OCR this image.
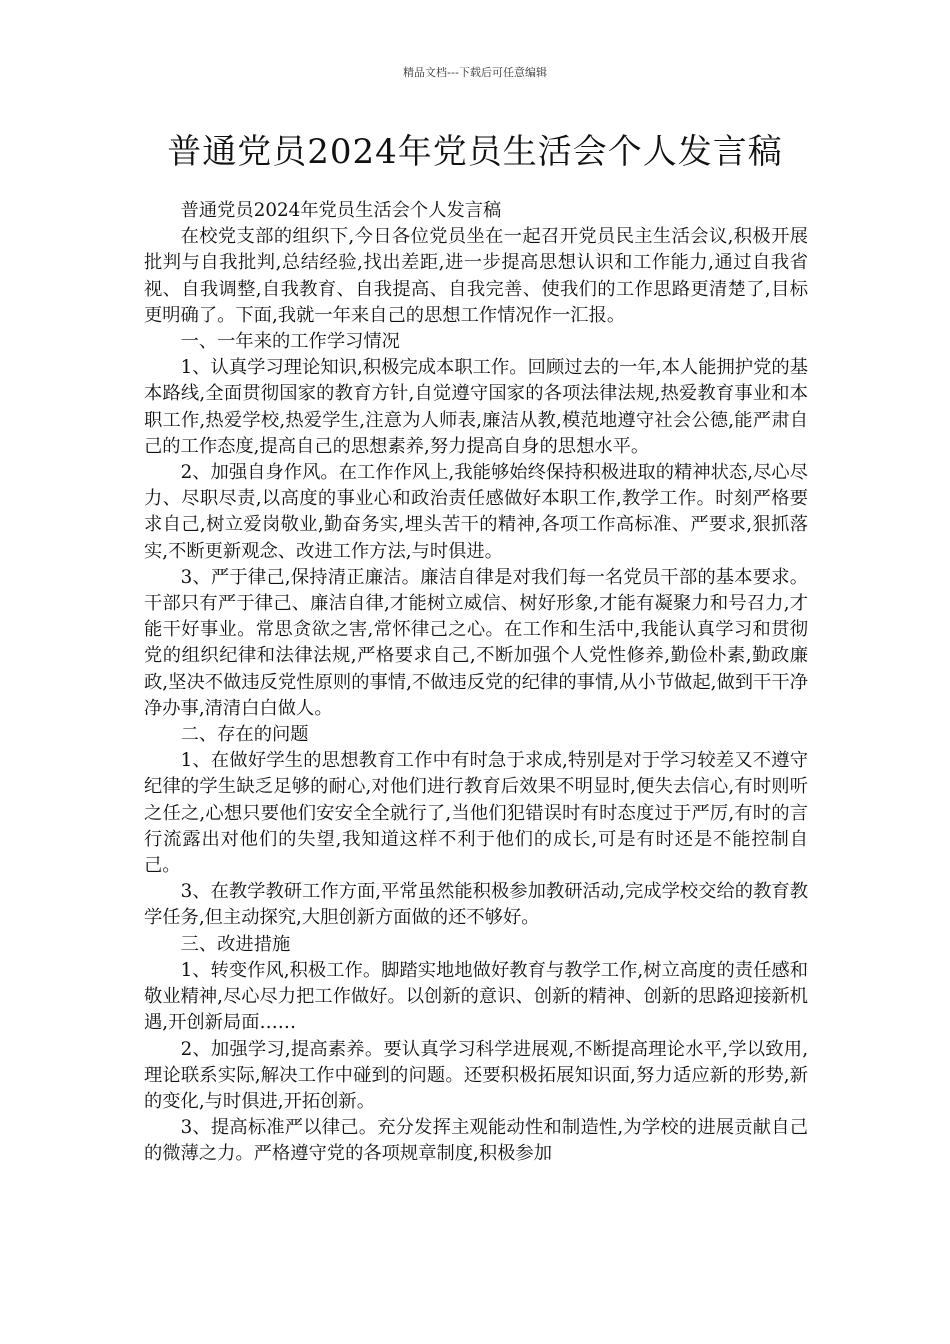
精品文档---下载后可任意编辑
普通党员2024年党员生活会个人发言稿

普通党员2024年党员生活会个人发言稿

在校党支部的组织下,今日各位党员坐在一起召开党员民主生活会议,积极开展批判与自我批判,总结经验,找出差距,进一步提高思想认识和工作能力,通过自我省视、自我调整,自我教育、自我提高、自我完善、使我们的工作思路更清楚了,目标更明确了。下面,我就一年来自己的思想工作情况作一汇报。

一、一年来的工作学习情况

1、认真学习理论知识,积极完成本职工作。回顾过去的一年,本人能拥护党的基本路线,全面贯彻国家的教育方针,自觉遵守国家的各项法律法规,热爱教育事业和本职工作,热爱学校,热爱学生,注意为人师表,廉洁从教,模范地遵守社会公德,能严肃自己的工作态度,提高自己的思想素养,努力提高自身的思想水平。

2、加强自身作风。在工作作风上,我能够始终保持积极进取的精神状态,尽心尽力、尽职尽责,以高度的事业心和政治责任感做好本职工作,教学工作。时刻严格要求自己,树立爱岗敬业,勤奋务实,埋头苦干的精神,各项工作高标准、严要求,狠抓落实,不断更新观念、改进工作方法,与时俱进。

3、严于律己,保持清正廉洁。廉洁自律是对我们每一名党员干部的基本要求。干部只有严于律己、廉洁自律,才能树立威信、树好形象,才能有凝聚力和号召力,才能干好事业。常思贪欲之害,常怀律己之心。在工作和生活中,我能认真学习和贯彻党的组织纪律和法律法规,严格要求自己,不断加强个人党性修养,勤俭朴素,勤政廉政,坚决不做违反党性原则的事情,不做违反党的纪律的事情,从小节做起,做到干干净净办事,清清白白做人。

二、存在的问题

1、在做好学生的思想教育工作中有时急于求成,特别是对于学习较差又不遵守纪律的学生缺乏足够的耐心,对他们进行教育后效果不明显时,便失去信心,有时则听之任之,心想只要他们安安全全就行了,当他们犯错误时有时态度过于严厉,有时的言行流露出对他们的失望,我知道这样不利于他们的成长,可是有时还是不能控制自己。

3、在教学教研工作方面,平常虽然能积极参加教研活动,完成学校交给的教育教学任务,但主动探究,大胆创新方面做的还不够好。

三、改进措施

1、转变作风,积极工作。脚踏实地地做好教育与教学工作,树立高度的责任感和敬业精神,尽心尽力把工作做好。以创新的意识、创新的精神、创新的思路迎接新机遇,开创新局面……

2、加强学习,提高素养。要认真学习科学进展观,不断提高理论水平,学以致用,理论联系实际,解决工作中碰到的问题。还要积极拓展知识面,努力适应新的形势,新的变化,与时俱进,开拓创新。

3、提高标准严以律己。充分发挥主观能动性和制造性,为学校的进展贡献自己的微薄之力。严格遵守党的各项规章制度,积极参加
